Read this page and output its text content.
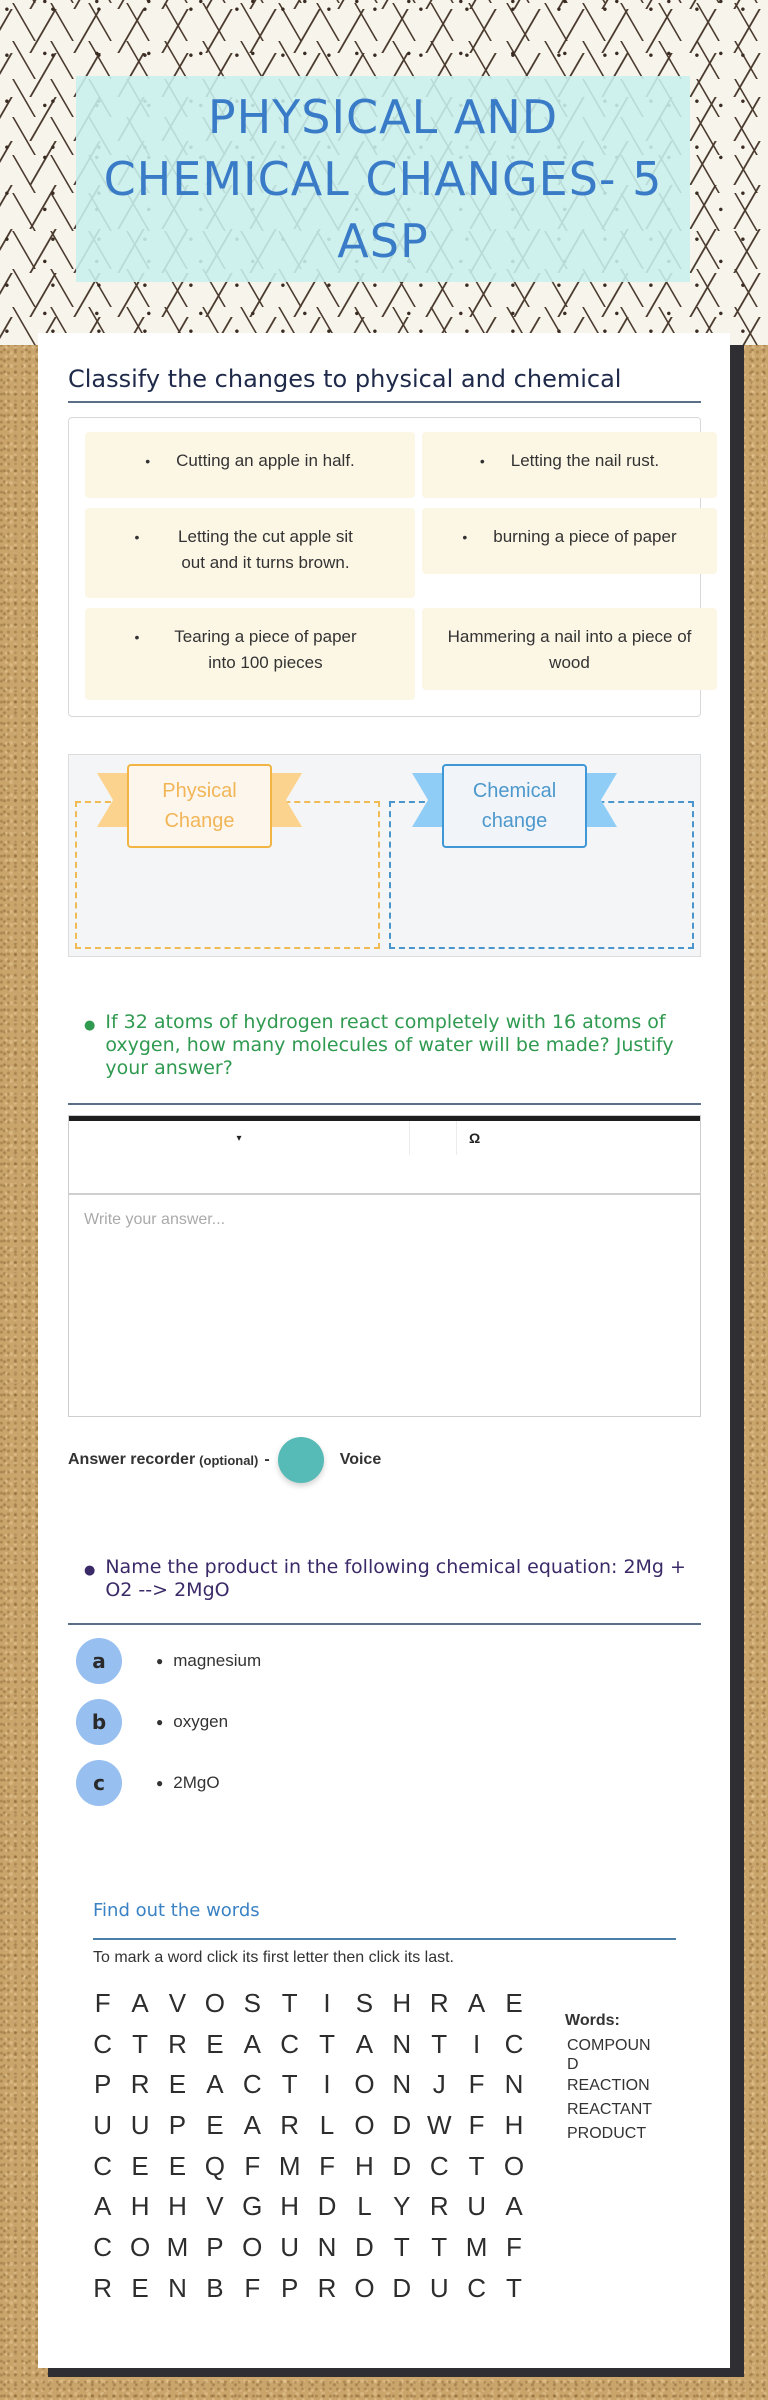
PHYSICAL AND CHEMICAL CHANGES- 5 ASP
Classify the changes to physical and chemical
• Cutting an apple in half.	• Letting the nail rust.
•	Letting the cut apple sit out and it turns brown.
• burning a piece of paper
•	Tearing a piece of paper into 100 pieces
Hammering a nail into a piece of wood
Physical Change
Chemical change
● If 32 atoms of hydrogen react completely with 16 atoms of oxygen, how many molecules of water will be made? Justify your answer?
▾	Ω
Write your answer...
Answer recorder (optional) -	Voice
● Name the product in the following chemical equation: 2Mg + O2 --> 2MgO
a	● magnesium
b	● oxygen
c	● 2MgO
Find out the words
To mark a word click its first letter then click its last.
F A V O S T I S H R A E
C T R E A C T A N T I C
P R E A C T I O N J F N
U U P E A R L O D W F H
C E E Q F M F H D C T O
A H H V G H D L Y R U A
C O M P O U N D T T M F
R E N B F P R O D U C T
Words:
COMPOUND
REACTION
REACTANT
PRODUCT
